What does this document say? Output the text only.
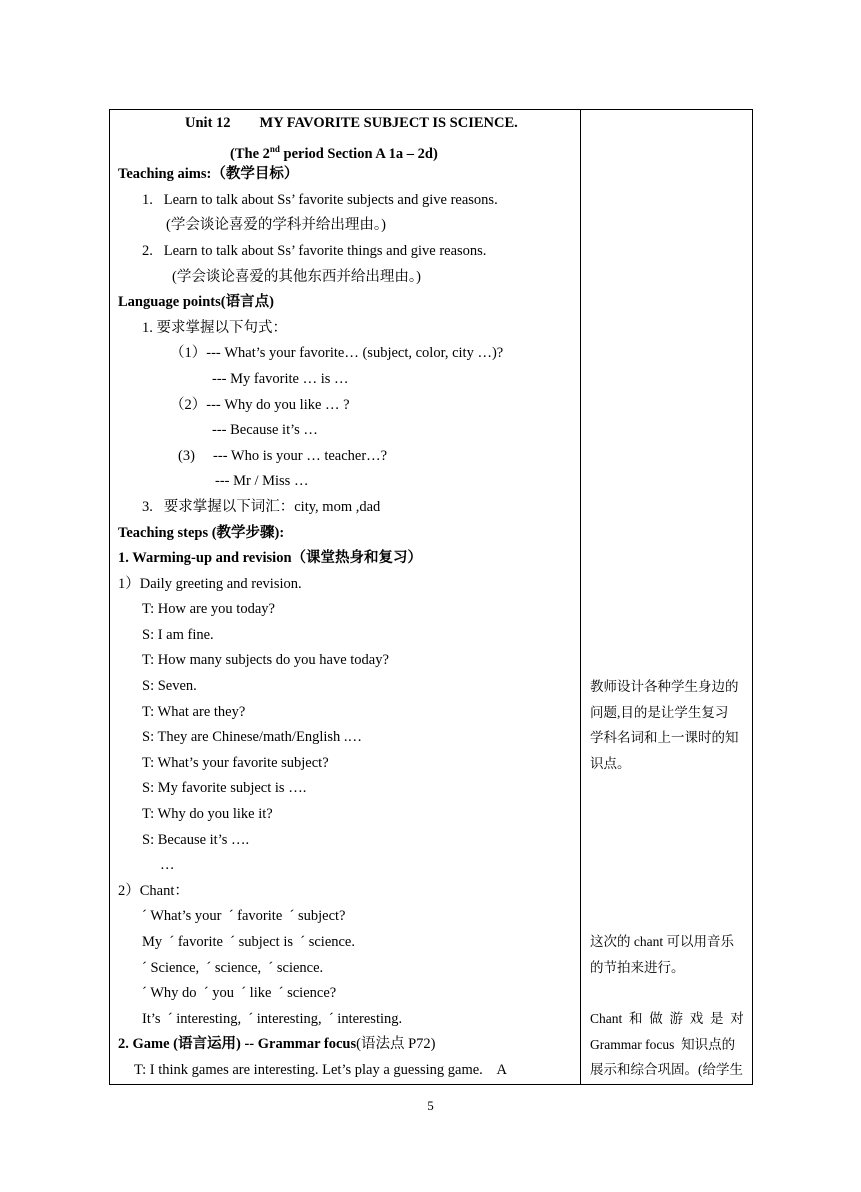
Unit 12        MY FAVORITE SUBJECT IS SCIENCE.
(The 2nd period Section A 1a – 2d)
Teaching aims:（教学目标）
1.   Learn to talk about Ss’ favorite subjects and give reasons.
(学会谈论喜爱的学科并给出理由。)
2.   Learn to talk about Ss’ favorite things and give reasons.
(学会谈论喜爱的其他东西并给出理由。)
Language points(语言点)
1. 要求掌握以下句式：
（1）--- What’s your favorite… (subject, color, city …)?
--- My favorite … is …
（2）--- Why do you like … ?
--- Because it’s …
(3)     --- Who is your … teacher…?
--- Mr / Miss …
3.   要求掌握以下词汇：city, mom ,dad
Teaching steps (教学步骤):
1. Warming-up and revision（课堂热身和复习）
1）Daily greeting and revision.
T: How are you today?
S: I am fine.
T: How many subjects do you have today?
S: Seven.
T: What are they?
S: They are Chinese/math/English .…
T: What’s your favorite subject?
S: My favorite subject is ….
T: Why do you like it?
S: Because it’s ….
…
2）Chant：
ˊ What’s your  ˊ favorite  ˊ subject?
My  ˊ favorite  ˊ subject is  ˊ science.
ˊ Science,  ˊ science,  ˊ science.
ˊ Why do  ˊ you  ˊ like  ˊ science?
It’s  ˊ interesting,  ˊ interesting,  ˊ interesting.
2. Game (语言运用) -- Grammar focus(语法点 P72)
T: I think games are interesting. Let’s play a guessing game.    A
教师设计各种学生身边的
问题,目的是让学生复习
学科名词和上一课时的知
识点。
这次的 chant 可以用音乐
的节拍来进行。
Chant  和  做  游  戏  是  对
Grammar focus  知识点的
展示和综合巩固。(给学生
5
